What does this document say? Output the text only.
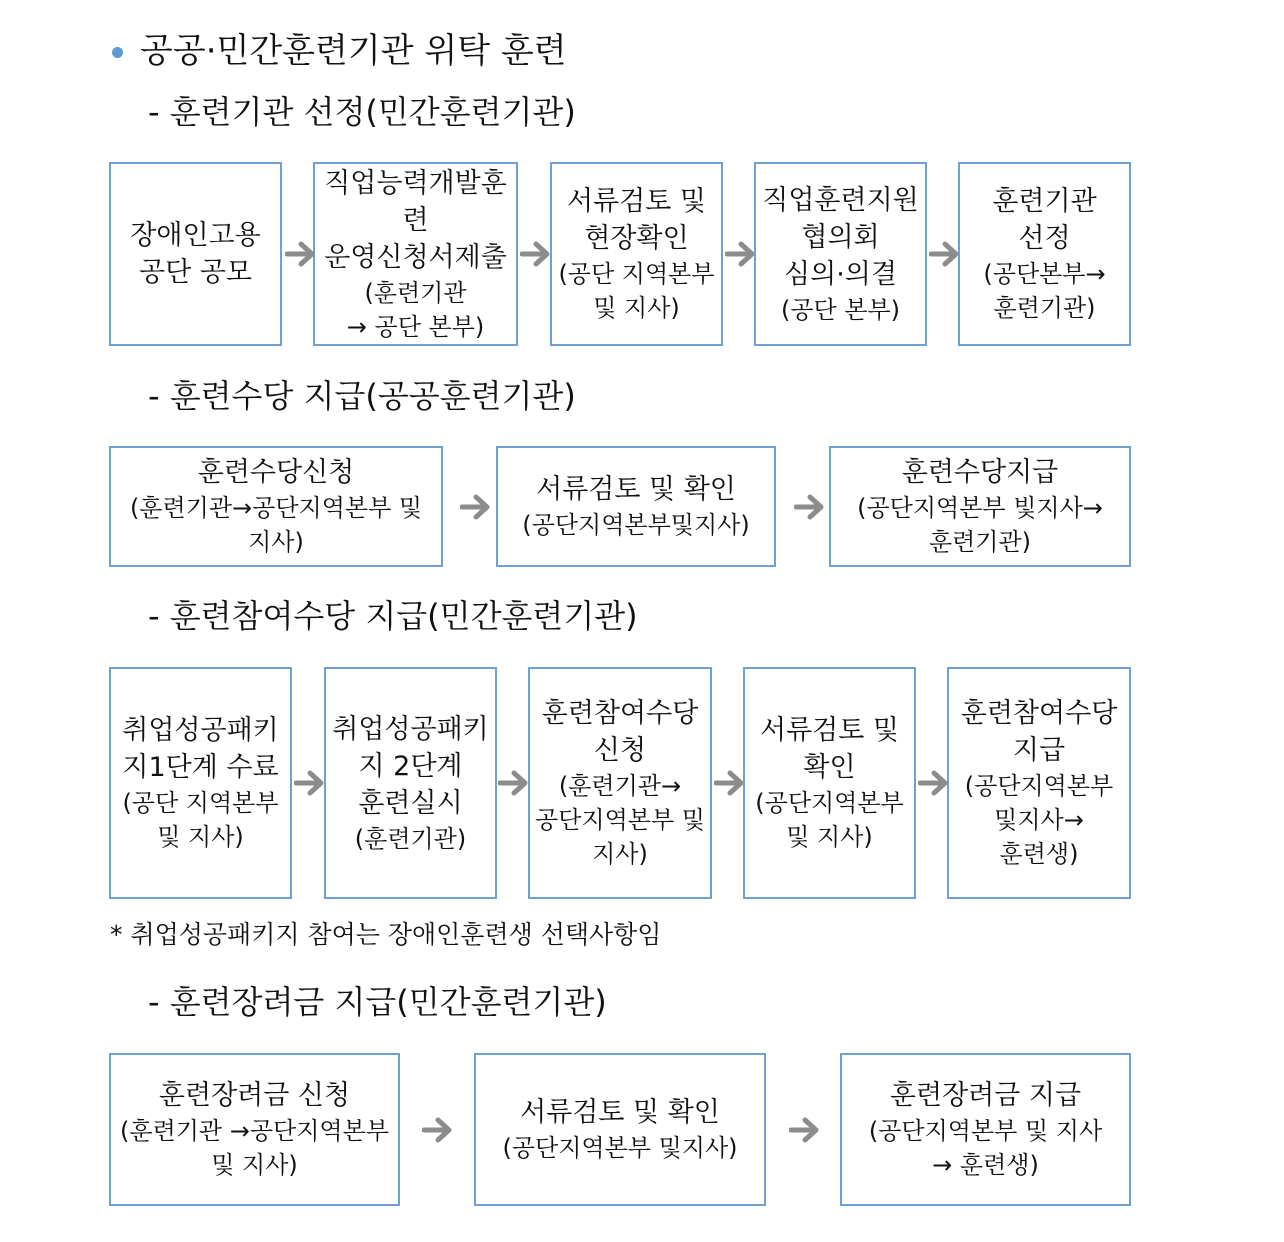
공공·민간훈련기관 위탁 훈련
- 훈련기관 선정(민간훈련기관)
장애인고용
공단 공모
직업능력개발훈련
운영신청서제출
(훈련기관
→ 공단 본부)
서류검토 및
현장확인
(공단 지역본부
및 지사)
직업훈련지원
협의회
심의·의결
(공단 본부)
훈련기관
선정
(공단본부→
훈련기관)
- 훈련수당 지급(공공훈련기관)
훈련수당신청
(훈련기관→공단지역본부 및
지사)
서류검토 및 확인
(공단지역본부및지사)
훈련수당지급
(공단지역본부 빛지사→
훈련기관)
- 훈련참여수당 지급(민간훈련기관)
취업성공패키
지1단계 수료
(공단 지역본부
및 지사)
취업성공패키
지 2단계
훈련실시
(훈련기관)
훈련참여수당
신청
(훈련기관→
공단지역본부 및
지사)
서류검토 및
확인
(공단지역본부
및 지사)
훈련참여수당
지급
(공단지역본부
및지사→
훈련생)
* 취업성공패키지 참여는 장애인훈련생 선택사항임
- 훈련장려금 지급(민간훈련기관)
훈련장려금 신청
(훈련기관 →공단지역본부
및 지사)
서류검토 및 확인
(공단지역본부 및지사)
훈련장려금 지급
(공단지역본부 및 지사
→ 훈련생)
